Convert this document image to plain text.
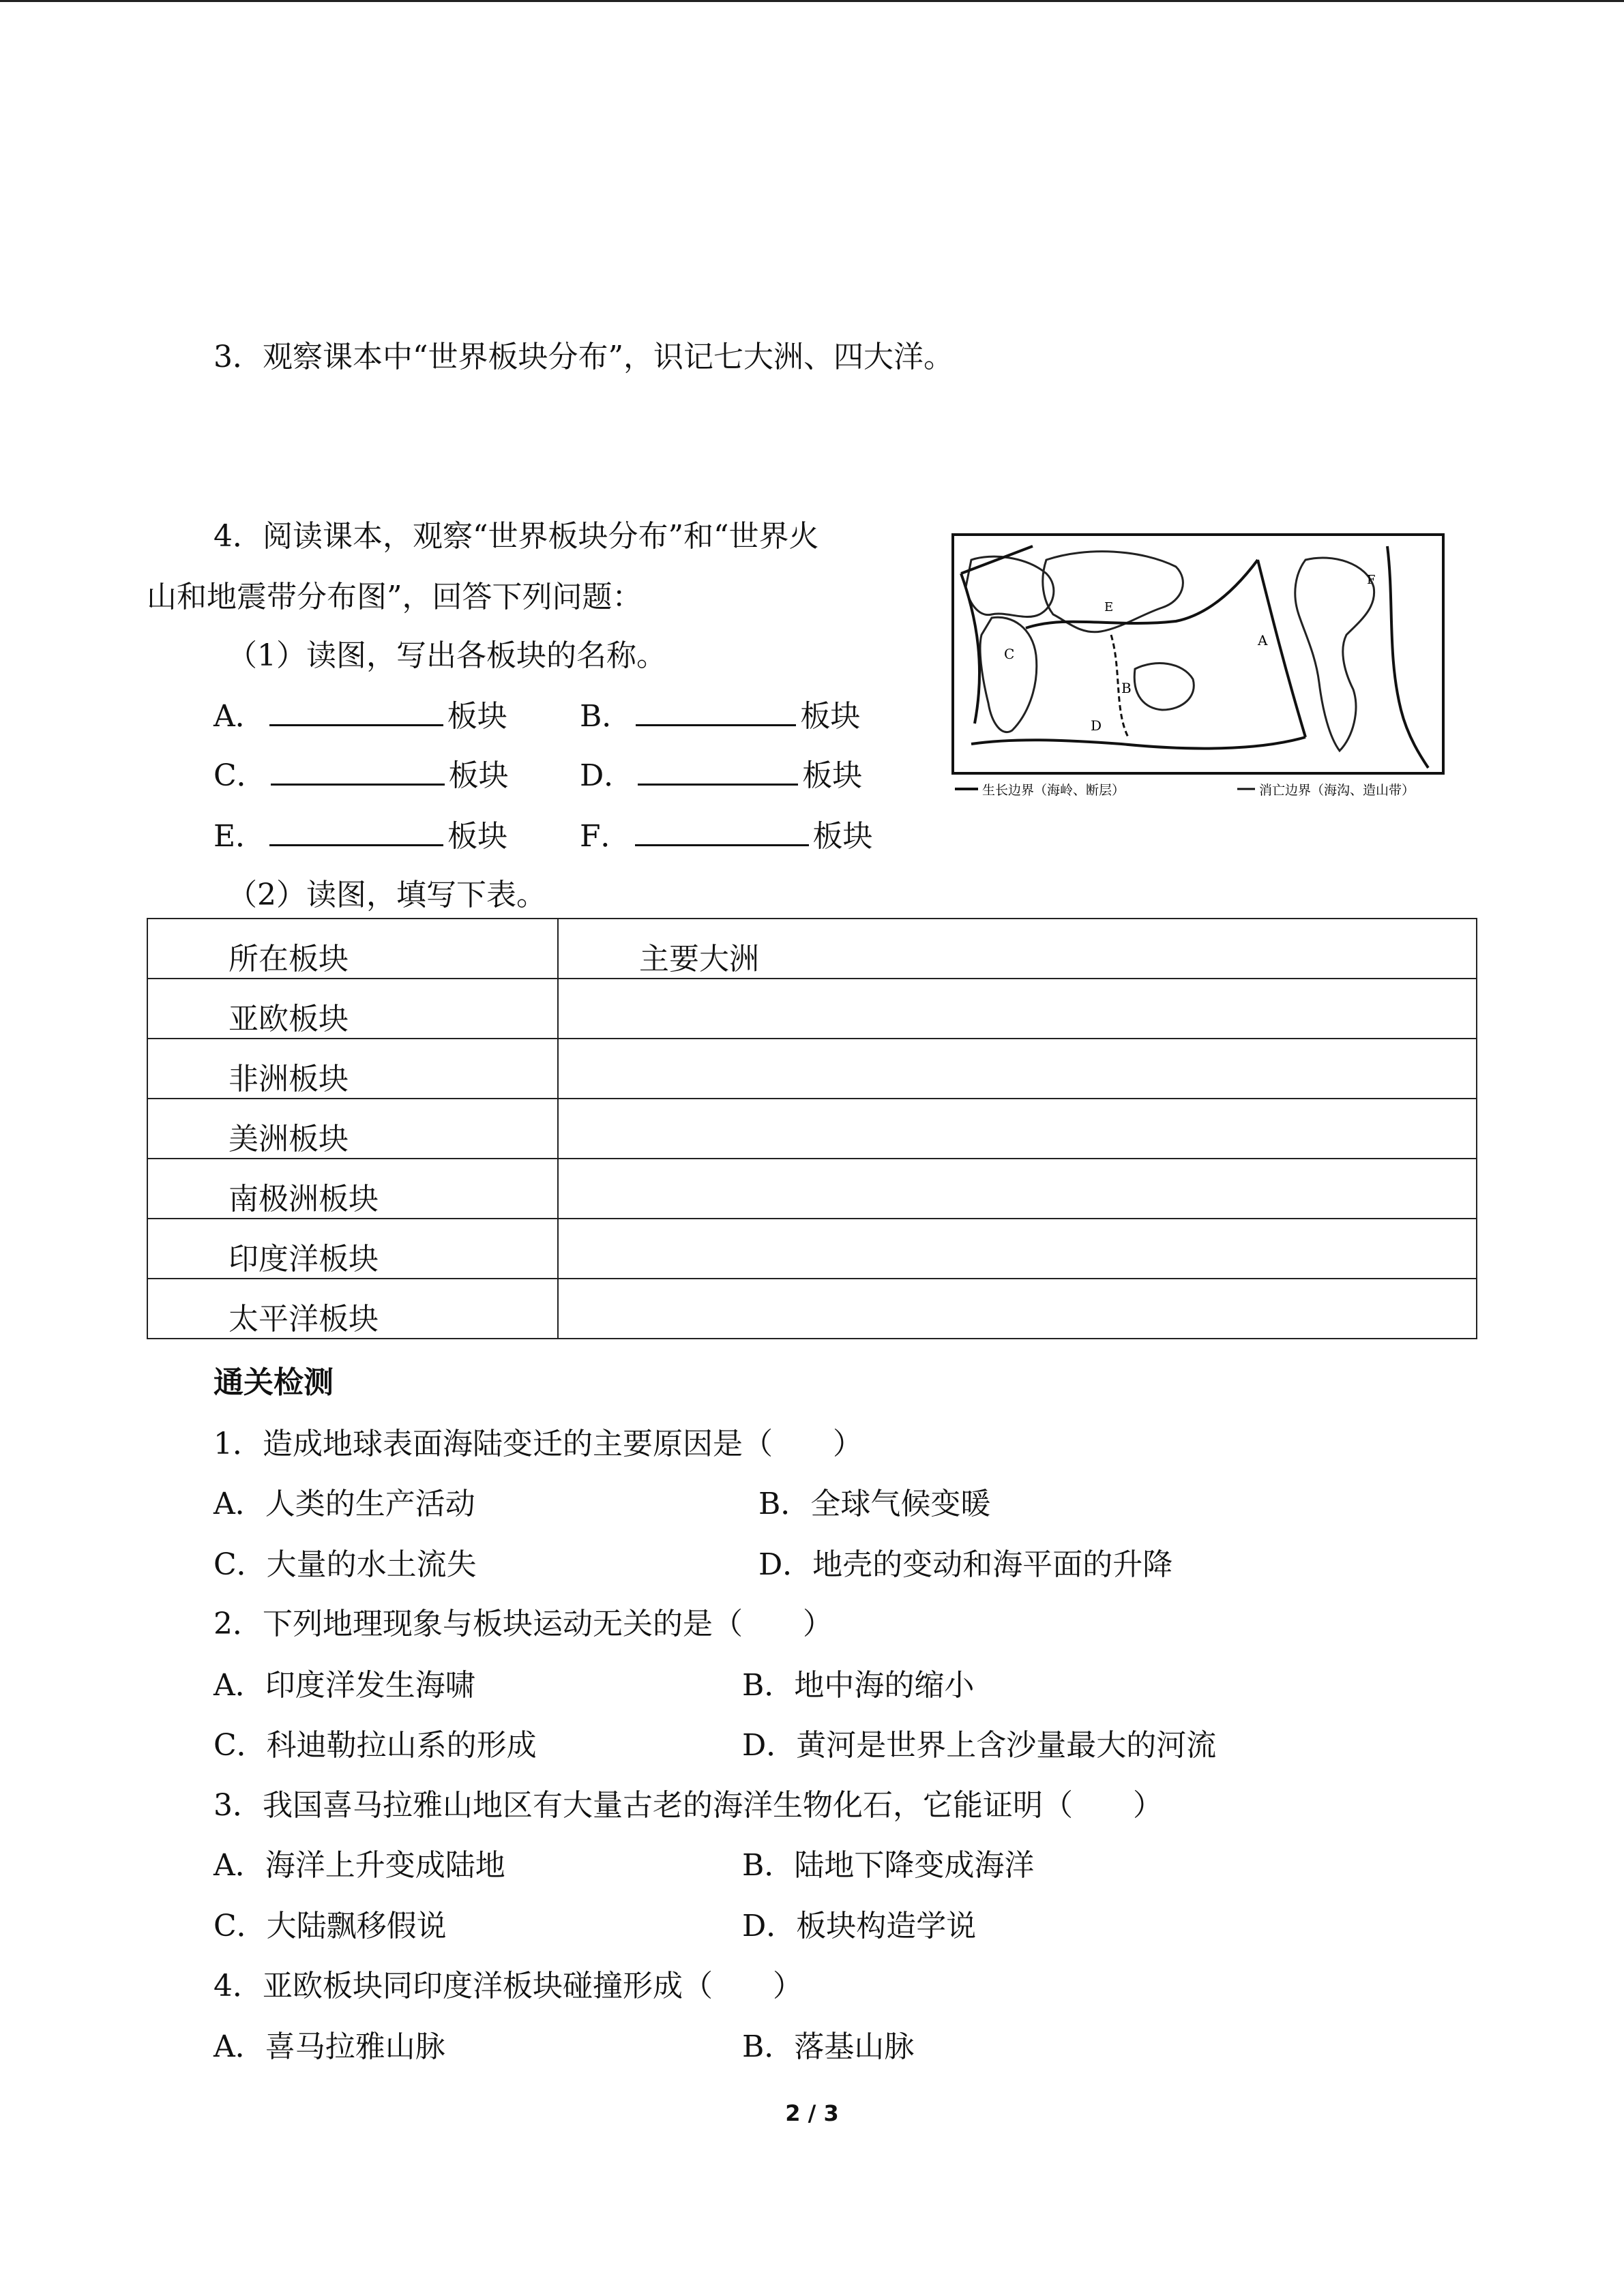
3．观察课本中“世界板块分布”，识记七大洲、四大洋。
4．阅读课本，观察“世界板块分布”和“世界火
山和地震带分布图”，回答下列问题：
（1）读图，写出各板块的名称。
A．	板块 B．	板块
C．	板块 D．	板块
E．	板块 F．	板块
（2）读图，填写下表。
A
B
C
D
E
F
生长边界（海岭、断层）	消亡边界（海沟、造山带）
所在板块	主要大洲
亚欧板块	
非洲板块	
美洲板块	
南极洲板块	
印度洋板块	
太平洋板块	
通关检测
1．造成地球表面海陆变迁的主要原因是（　　）
A．人类的生产活动	B．全球气候变暖
C．大量的水土流失	D．地壳的变动和海平面的升降
2．下列地理现象与板块运动无关的是（　　）
A．印度洋发生海啸	B．地中海的缩小
C．科迪勒拉山系的形成	D．黄河是世界上含沙量最大的河流
3．我国喜马拉雅山地区有大量古老的海洋生物化石，它能证明（　　）
A．海洋上升变成陆地	B．陆地下降变成海洋
C．大陆飘移假说	D．板块构造学说
4．亚欧板块同印度洋板块碰撞形成（　　）
A．喜马拉雅山脉	B．落基山脉
2 / 3
